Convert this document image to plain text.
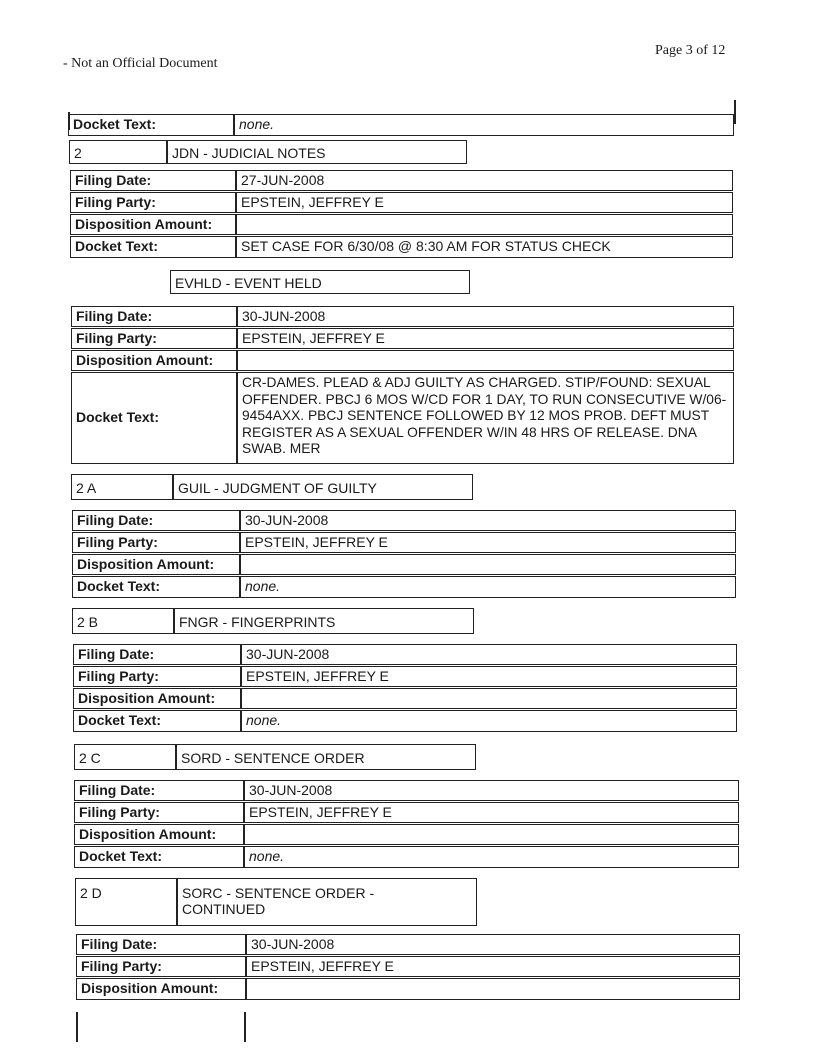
- Not an Official Document
Page 3 of 12
Docket Text:	none.
2	JDN - JUDICIAL NOTES
Filing Date:	27-JUN-2008
Filing Party:	EPSTEIN, JEFFREY E
Disposition Amount:
Docket Text:	SET CASE FOR 6/30/08 @ 8:30 AM FOR STATUS CHECK
EVHLD - EVENT HELD
Filing Date:	30-JUN-2008
Filing Party:	EPSTEIN, JEFFREY E
Disposition Amount:
Docket Text:
CR-DAMES. PLEAD & ADJ GUILTY AS CHARGED. STIP/FOUND: SEXUAL OFFENDER. PBCJ 6 MOS W/CD FOR 1 DAY, TO RUN CONSECUTIVE W/06-9454AXX. PBCJ SENTENCE FOLLOWED BY 12 MOS PROB. DEFT MUST REGISTER AS A SEXUAL OFFENDER W/IN 48 HRS OF RELEASE. DNA SWAB. MER
2 A	GUIL - JUDGMENT OF GUILTY
Filing Date:	30-JUN-2008
Filing Party:	EPSTEIN, JEFFREY E
Disposition Amount:
Docket Text:	none.
2 B	FNGR - FINGERPRINTS
Filing Date:	30-JUN-2008
Filing Party:	EPSTEIN, JEFFREY E
Disposition Amount:
Docket Text:	none.
2 C	SORD - SENTENCE ORDER
Filing Date:	30-JUN-2008
Filing Party:	EPSTEIN, JEFFREY E
Disposition Amount:
Docket Text:	none.
2 D	SORC - SENTENCE ORDER - CONTINUED
Filing Date:	30-JUN-2008
Filing Party:	EPSTEIN, JEFFREY E
Disposition Amount:
